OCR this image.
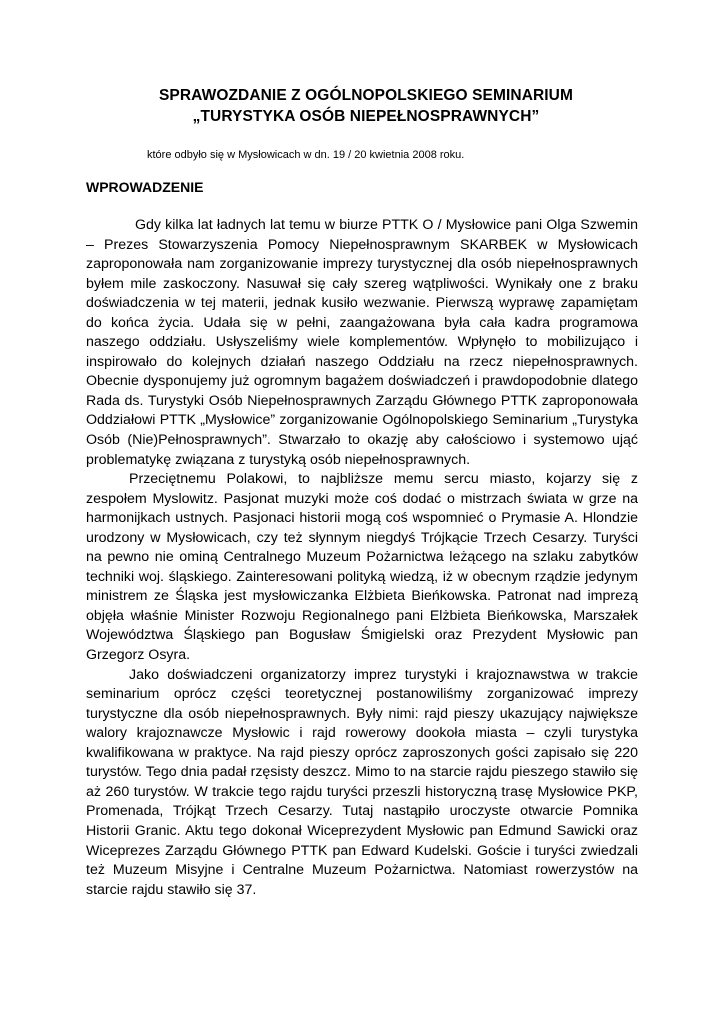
SPRAWOZDANIE Z OGÓLNOPOLSKIEGO SEMINARIUM
„TURYSTYKA OSÓB NIEPEŁNOSPRAWNYCH”
które odbyło się w Mysłowicach w dn. 19 / 20 kwietnia 2008 roku.
WPROWADZENIE

Gdy kilka lat ładnych lat temu w biurze PTTK O / Mysłowice pani Olga Szwemin – Prezes Stowarzyszenia Pomocy Niepełnosprawnym SKARBEK w Mysłowicach zaproponowała nam zorganizowanie imprezy turystycznej dla osób niepełnosprawnych byłem mile zaskoczony. Nasuwał się cały szereg wątpliwości. Wynikały one z braku doświadczenia w tej materii, jednak kusiło wezwanie. Pierwszą wyprawę zapamiętam do końca życia. Udała się w pełni, zaangażowana była cała kadra programowa naszego oddziału. Usłyszeliśmy wiele komplementów. Wpłynęło to mobilizująco i inspirowało do kolejnych działań naszego Oddziału na rzecz niepełnosprawnych. Obecnie dysponujemy już ogromnym bagażem doświadczeń i prawdopodobnie dlatego Rada ds. Turystyki Osób Niepełnosprawnych Zarządu Głównego PTTK zaproponowała Oddziałowi PTTK „Mysłowice” zorganizowanie Ogólnopolskiego Seminarium „Turystyka Osób (Nie)Pełnosprawnych”. Stwarzało to okazję aby całościowo i systemowo ująć problematykę związana z turystyką osób niepełnosprawnych.

Przeciętnemu Polakowi, to najbliższe memu sercu miasto, kojarzy się z zespołem Myslowitz. Pasjonat muzyki może coś dodać o mistrzach świata w grze na harmonijkach ustnych. Pasjonaci historii mogą coś wspomnieć o Prymasie A. Hlondzie urodzony w Mysłowicach, czy też słynnym niegdyś Trójkącie Trzech Cesarzy. Turyści na pewno nie ominą Centralnego Muzeum Pożarnictwa leżącego na szlaku zabytków techniki woj. śląskiego. Zainteresowani polityką wiedzą, iż w obecnym rządzie jedynym ministrem ze Śląska jest mysłowiczanka Elżbieta Bieńkowska. Patronat nad imprezą objęła właśnie Minister Rozwoju Regionalnego pani Elżbieta Bieńkowska, Marszałek Województwa Śląskiego pan Bogusław Śmigielski oraz Prezydent Mysłowic pan Grzegorz Osyra.

Jako doświadczeni organizatorzy imprez turystyki i krajoznawstwa w trakcie seminarium oprócz części teoretycznej postanowiliśmy zorganizować imprezy turystyczne dla osób niepełnosprawnych. Były nimi: rajd pieszy ukazujący największe walory krajoznawcze Mysłowic i rajd rowerowy dookoła miasta – czyli turystyka kwalifikowana w praktyce. Na rajd pieszy oprócz zaproszonych gości zapisało się 220 turystów. Tego dnia padał rzęsisty deszcz. Mimo to na starcie rajdu pieszego stawiło się aż 260 turystów. W trakcie tego rajdu turyści przeszli historyczną trasę Mysłowice PKP, Promenada, Trójkąt Trzech Cesarzy. Tutaj nastąpiło uroczyste otwarcie Pomnika Historii Granic. Aktu tego dokonał Wiceprezydent Mysłowic pan Edmund Sawicki oraz Wiceprezes Zarządu Głównego PTTK pan Edward Kudelski. Goście i turyści zwiedzali też Muzeum Misyjne i Centralne Muzeum Pożarnictwa. Natomiast rowerzystów na starcie rajdu stawiło się 37.
